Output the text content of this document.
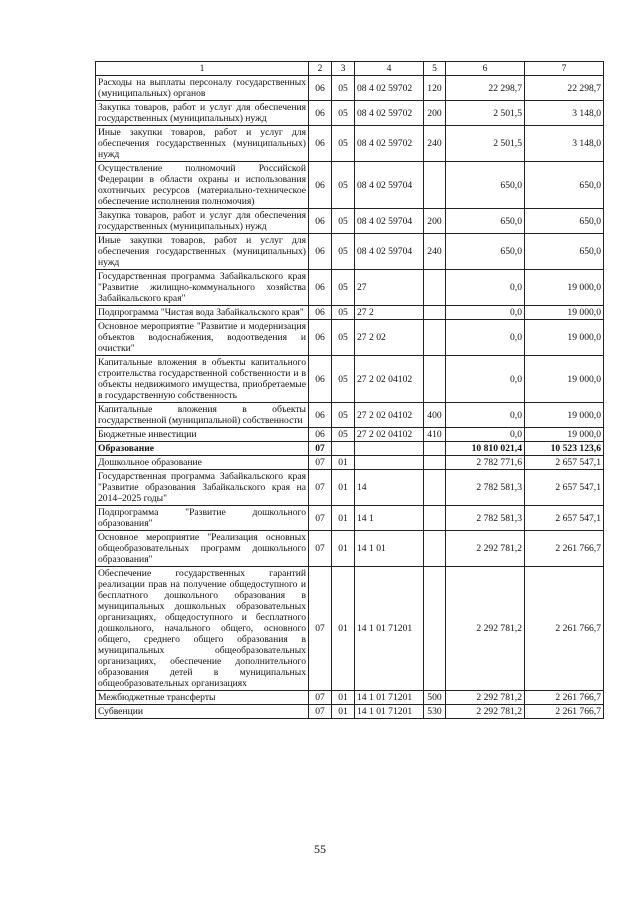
1	2	3	4	5	6	7
Расходы на выплаты персоналу государственных (муниципальных) органов	06	05	08 4 02 59702	120	22 298,7	22 298,7
Закупка товаров, работ и услуг для обеспечения государственных (муниципальных) нужд	06	05	08 4 02 59702	200	2 501,5	3 148,0
Иные закупки товаров, работ и услуг для обеспечения государственных (муниципальных) нужд	06	05	08 4 02 59702	240	2 501,5	3 148,0
Осуществление полномочий Российской Федерации в области охраны и использования охотничьих ресурсов (материально-техническое обеспечение исполнения полномочия)	06	05	08 4 02 59704		650,0	650,0
Закупка товаров, работ и услуг для обеспечения государственных (муниципальных) нужд	06	05	08 4 02 59704	200	650,0	650,0
Иные закупки товаров, работ и услуг для обеспечения государственных (муниципальных) нужд	06	05	08 4 02 59704	240	650,0	650,0
Государственная программа Забайкальского края "Развитие жилищно-коммунального хозяйства Забайкальского края"	06	05	27		0,0	19 000,0
Подпрограмма "Чистая вода Забайкальского края"	06	05	27 2		0,0	19 000,0
Основное мероприятие "Развитие и модернизация объектов водоснабжения, водоотведения и очистки"	06	05	27 2 02		0,0	19 000,0
Капитальные вложения в объекты капитального строительства государственной собственности и в объекты недвижимого имущества, приобретаемые в государственную собственность	06	05	27 2 02 04102		0,0	19 000,0
Капитальные вложения в объекты государственной (муниципальной) собственности	06	05	27 2 02 04102	400	0,0	19 000,0
Бюджетные инвестиции	06	05	27 2 02 04102	410	0,0	19 000,0
Образование	07				10 810 021,4	10 523 123,6
Дошкольное образование	07	01			2 782 771,6	2 657 547,1
Государственная программа Забайкальского края "Развитие образования Забайкальского края на 2014–2025 годы"	07	01	14		2 782 581,3	2 657 547,1
Подпрограмма "Развитие дошкольного образования"	07	01	14 1		2 782 581,3	2 657 547,1
Основное мероприятие "Реализация основных общеобразовательных программ дошкольного образования"	07	01	14 1 01		2 292 781,2	2 261 766,7
Обеспечение государственных гарантий реализации прав на получение общедоступного и бесплатного дошкольного образования в муниципальных дошкольных образовательных организациях, общедоступного и бесплатного дошкольного, начального общего, основного общего, среднего общего образования в муниципальных общеобразовательных организациях, обеспечение дополнительного образования детей в муниципальных общеобразовательных организациях	07	01	14 1 01 71201		2 292 781,2	2 261 766,7
Межбюджетные трансферты	07	01	14 1 01 71201	500	2 292 781,2	2 261 766,7
Субвенции	07	01	14 1 01 71201	530	2 292 781,2	2 261 766,7
55
